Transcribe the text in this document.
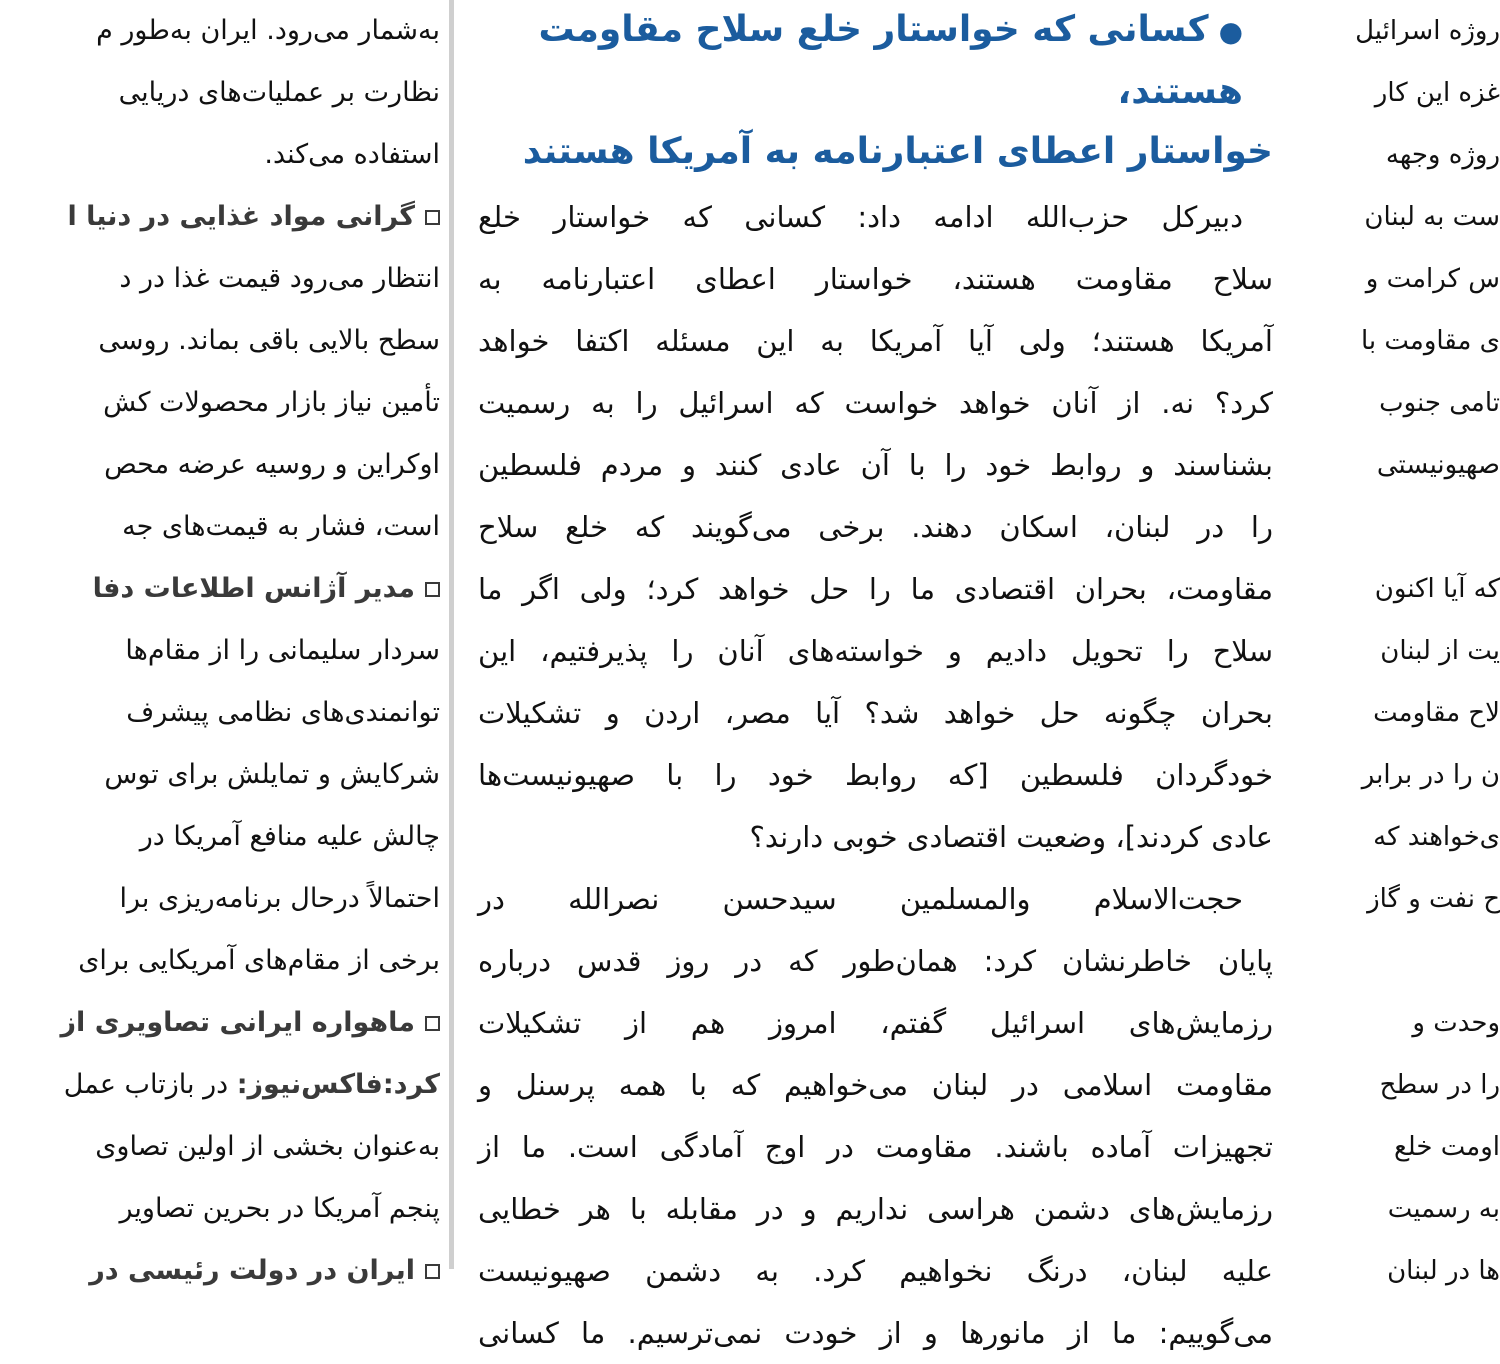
به‌شمار می‌رود. ایران به‌طور م
نظارت بر عملیات‌های دریایی
استفاده می‌کند.
گرانی مواد غذایی در دنیا ا
انتظار می‌رود قیمت غذا در د
سطح بالایی باقی بماند. روسی
تأمین نیاز بازار محصولات کش
اوکراین و روسیه عرضه محص
است، فشار به قیمت‌های جه
مدیر آژانس اطلاعات دفا
سردار سلیمانی را از مقام‌ها
توانمندی‌های نظامی پیشرف
شرکایش و تمایلش برای توس
چالش علیه منافع آمریکا در
احتمالاً درحال برنامه‌ریزی برا
برخی از مقام‌های آمریکایی برای
ماهواره ایرانی تصاویری از
کرد:فاکس‌نیوز: در بازتاب عمل
به‌عنوان بخشی از اولین تصاوی
پنجم آمریکا در بحرین تصاویر
ایران در دولت رئیسی در
●کسانی که خواستار خلع سلاح مقاومت هستند،
خواستار اعطای اعتبارنامه به آمریکا هستند
دبیرکل حزب‌الله ادامه داد: کسانی که خواستار خلع
سلاح مقاومت هستند، خواستار اعطای اعتبارنامه به
آمریکا هستند؛ ولی آیا آمریکا به این مسئله اکتفا خواهد
کرد؟ نه. از آنان خواهد خواست که اسرائیل را به رسمیت
بشناسند و روابط خود را با آن عادی کنند و مردم فلسطین
را در لبنان، اسکان دهند. برخی می‌گویند که خلع سلاح
مقاومت، بحران اقتصادی ما را حل خواهد کرد؛ ولی اگر ما
سلاح را تحویل دادیم و خواسته‌های آنان را پذیرفتیم، این
بحران چگونه حل خواهد شد؟ آیا مصر، اردن و تشکیلات
خودگردان فلسطین [که روابط خود را با صهیونیست‌ها
عادی کردند]، وضعیت اقتصادی خوبی دارند؟
حجت‌الاسلام والمسلمین سیدحسن نصرالله در
پایان خاطرنشان کرد: همان‌طور که در روز قدس درباره
رزمایش‌های اسرائیل گفتم، امروز هم از تشکیلات
مقاومت اسلامی در لبنان می‌خواهیم که با همه پرسنل و
تجهیزات آماده باشند. مقاومت در اوج آمادگی است. ما از
رزمایش‌های دشمن هراسی نداریم و در مقابله با هر خطایی
علیه لبنان، درنگ نخواهیم کرد. به دشمن صهیونیست
می‌گوییم: ما از مانورها و از خودت نمی‌ترسیم. ما کسانی
روژه اسرائیل
غزه این کار
روژه وجهه
ست به لبنان
س کرامت و
ی مقاومت با
تامی جنوب
صهیونیستی
که آیا اکنون
یت از لبنان
لاح مقاومت
ن را در برابر
ی‌خواهند که
ح نفت و گاز
وحدت و
را در سطح
اومت خلع
به رسمیت
ها در لبنان
